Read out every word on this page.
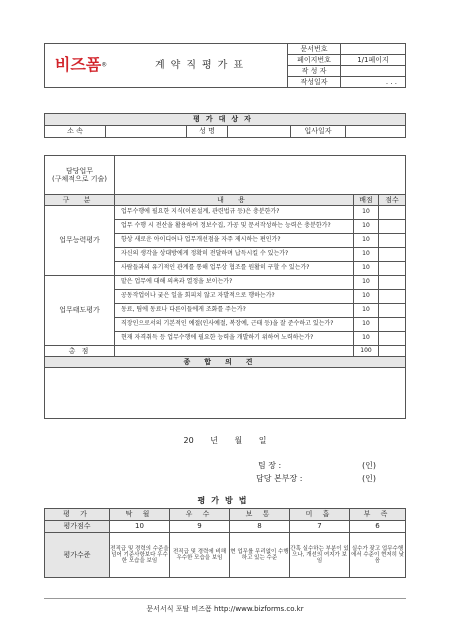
비즈폼®	계약직평가표	문서번호	
		페이지번호	1/1페이지
		작 성 자	
		작성일자	. . .
평가대상자
소 속		성 명		입사일자	
담당업무
(구체적으로 기술)			

구 분	내 용	배점	점수
업무능력평가	업무수행에 필요한 지식(이론설계, 관련법규 등)은 충분한가?	10	
	업무 수행 시 전산을 활용하여 정보수집, 가공 및 문서작성하는 능력은 충분한가?	10	
	항상 새로운 아이디어나 업무개선점을 자주 제시하는 편인가?	10	
	자신의 생각을 상대방에게 정확히 전달하며 납득시킬 수 있는가?	10	
	사람들과의 유기적인 관계를 통해 업무상 협조를 원활히 구할 수 있는가?	10	
업무태도평가	맡은 업무에 대해 의욕과 열정을 보이는가?	10	
	공동작업이나 궂은 일을 회피치 않고 자발적으로 행하는가?	10	
	동료, 팀에 동료나 다른이들에게 조화를 주는가?	10	
	직장인으로서의 기본적인 예절(인사예절, 복장예, 근태 등)을 잘 준수하고 있는가?	10	
	현재 자격취득 등 업무수행에 필요한 능력을 개발하기 위하여 노력하는가?	10	
총 점		100	
종합의견			

20 년 월 일
팀 장 :	(인)
담당 본부장 :	(인)
평가방법
평 가	탁 월	우 수	보 통	미 흡	부 족
평가점수	10	9	8	7	6
평가수준	전직급 및 경력의 수준을 넘어 기준사항보다 우수한 모습을 보임	전직급 및 경력에 비해 우수한 모습을 보임	현 업무를 무리없이 수행하고 있는 수준	간혹 실수하는 부분이 있으나, 개선의 여지가 보임	실수가 잦고 업무수행에서 수준이 현저히 낮음
문서서식 포탈 비즈폼 http://www.bizforms.co.kr
